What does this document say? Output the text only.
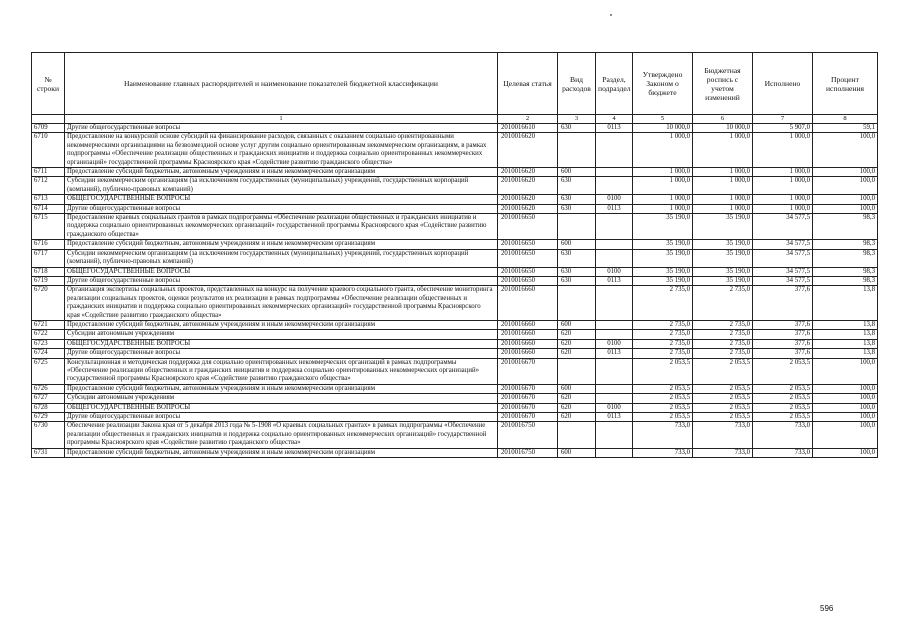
№ строки	Наименование главных распорядителей и наименование показателей бюджетной классификации	Целевая статья	Вид расходов	Раздел, подраздел	Утверждено Законом о бюджете	Бюджетная роспись с учетом изменений	Исполнено	Процент исполнения
	1	2	3	4	5	6	7	8
6709	Другие общегосударственные вопросы	2010016610	630	0113	10 000,0	10 000,0	5 907,0	59,1
6710	Предоставление на конкурсной основе субсидий на финансирование расходов, связанных с оказанием социально ориентированными некоммерческими организациями на безвозмездной основе услуг другим социально ориентированным некоммерческим организациям, в рамках подпрограммы «Обеспечение реализации общественных и гражданских инициатив и поддержка социально ориентированных некоммерческих организаций» государственной программы Красноярского края «Содействие развитию гражданского общества»	2010016620			1 000,0	1 000,0	1 000,0	100,0
6711	Предоставление субсидий бюджетным, автономным учреждениям и иным некоммерческим организациям	2010016620	600		1 000,0	1 000,0	1 000,0	100,0
6712	Субсидии некоммерческим организациям (за исключением государственных (муниципальных) учреждений, государственных корпораций (компаний), публично-правовых компаний)	2010016620	630		1 000,0	1 000,0	1 000,0	100,0
6713	ОБЩЕГОСУДАРСТВЕННЫЕ ВОПРОСЫ	2010016620	630	0100	1 000,0	1 000,0	1 000,0	100,0
6714	Другие общегосударственные вопросы	2010016620	630	0113	1 000,0	1 000,0	1 000,0	100,0
6715	Предоставление краевых социальных грантов в рамках подпрограммы «Обеспечение реализации общественных и гражданских инициатив и поддержка социально ориентированных некоммерческих организаций» государственной программы Красноярского края «Содействие развитию гражданского общества»	2010016650			35 190,0	35 190,0	34 577,5	98,3
6716	Предоставление субсидий бюджетным, автономным учреждениям и иным некоммерческим организациям	2010016650	600		35 190,0	35 190,0	34 577,5	98,3
6717	Субсидии некоммерческим организациям (за исключением государственных (муниципальных) учреждений, государственных корпораций (компаний), публично-правовых компаний)	2010016650	630		35 190,0	35 190,0	34 577,5	98,3
6718	ОБЩЕГОСУДАРСТВЕННЫЕ ВОПРОСЫ	2010016650	630	0100	35 190,0	35 190,0	34 577,5	98,3
6719	Другие общегосударственные вопросы	2010016650	630	0113	35 190,0	35 190,0	34 577,5	98,3
6720	Организация экспертизы социальных проектов, представленных на конкурс на получение краевого социального гранта, обеспечение мониторинга реализации социальных проектов, оценки результатов их реализации в рамках подпрограммы «Обеспечение реализации общественных и гражданских инициатив и поддержка социально ориентированных некоммерческих организаций» государственной программы Красноярского края «Содействие развитию гражданского общества»	2010016660			2 735,0	2 735,0	377,6	13,8
6721	Предоставление субсидий бюджетным, автономным учреждениям и иным некоммерческим организациям	2010016660	600		2 735,0	2 735,0	377,6	13,8
6722	Субсидии автономным учреждениям	2010016660	620		2 735,0	2 735,0	377,6	13,8
6723	ОБЩЕГОСУДАРСТВЕННЫЕ ВОПРОСЫ	2010016660	620	0100	2 735,0	2 735,0	377,6	13,8
6724	Другие общегосударственные вопросы	2010016660	620	0113	2 735,0	2 735,0	377,6	13,8
6725	Консультационная и методическая поддержка для социально ориентированных некоммерческих организаций в рамках подпрограммы «Обеспечение реализации общественных и гражданских инициатив и поддержка социально ориентированных некоммерческих организаций» государственной программы Красноярского края «Содействие развитию гражданского общества»	2010016670			2 053,5	2 053,5	2 053,5	100,0
6726	Предоставление субсидий бюджетным, автономным учреждениям и иным некоммерческим организациям	2010016670	600		2 053,5	2 053,5	2 053,5	100,0
6727	Субсидии автономным учреждениям	2010016670	620		2 053,5	2 053,5	2 053,5	100,0
6728	ОБЩЕГОСУДАРСТВЕННЫЕ ВОПРОСЫ	2010016670	620	0100	2 053,5	2 053,5	2 053,5	100,0
6729	Другие общегосударственные вопросы	2010016670	620	0113	2 053,5	2 053,5	2 053,5	100,0
6730	Обеспечение реализации Закона края от 5 декабря 2013 года № 5-1908 «О краевых социальных грантах» в рамках подпрограммы «Обеспечение реализации общественных и гражданских инициатив и поддержка социально ориентированных некоммерческих организаций» государственной программы Красноярского края «Содействие развитию гражданского общества»	2010016750			733,0	733,0	733,0	100,0
6731	Предоставление субсидий бюджетным, автономным учреждениям и иным некоммерческим организациям	2010016750	600		733,0	733,0	733,0	100,0
596
